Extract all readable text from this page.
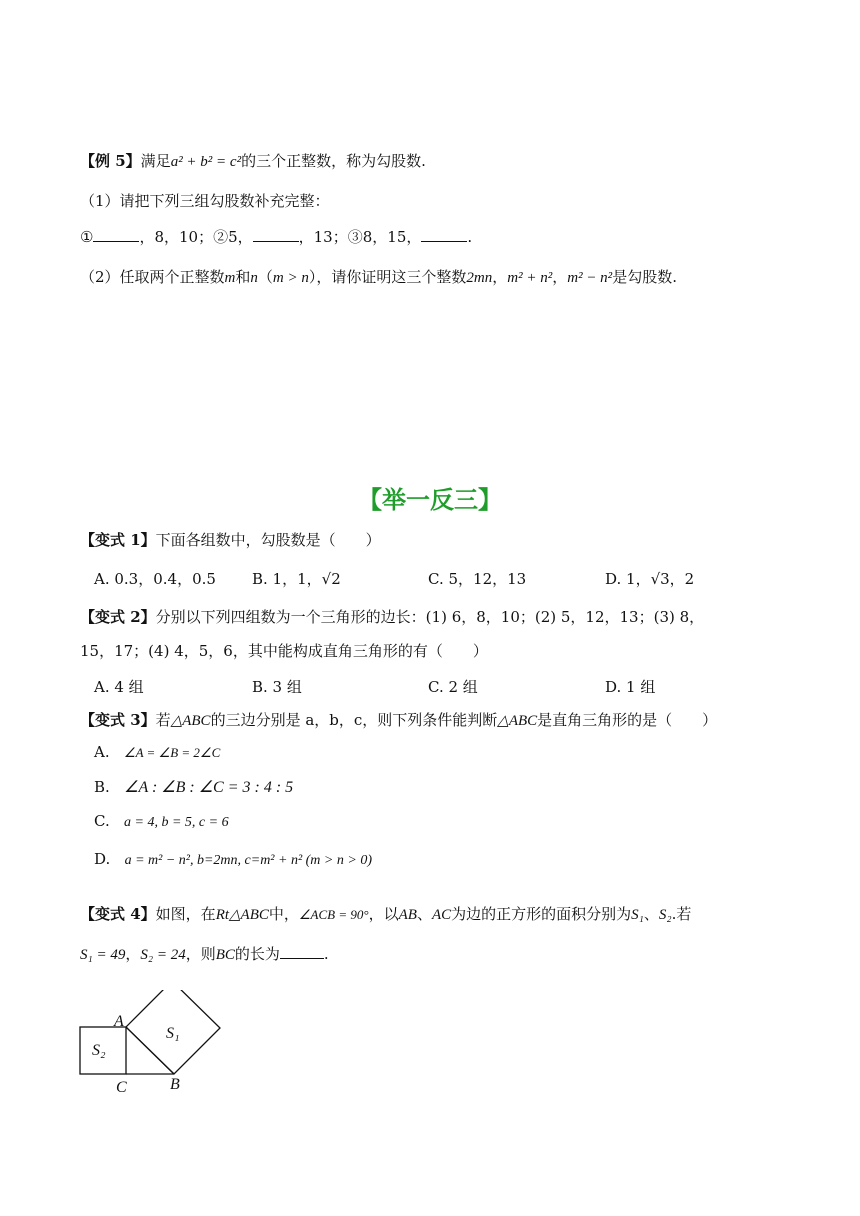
【例 5】满足a² + b² = c²的三个正整数，称为勾股数.
（1）请把下列三组勾股数补充完整：
①	，8，10；②5，	，13；③8，15，	.
（2）任取两个正整数m和n（m > n），请你证明这三个整数2mn，m² + n²，m² − n²是勾股数.
【举一反三】
【变式 1】下面各组数中，勾股数是（　　）
A. 0.3，0.4，0.5 B. 1，1，√2	C. 5，12，13	D. 1，√3，2
【变式 2】分别以下列四组数为一个三角形的边长：(1) 6，8，10；(2) 5，12，13；(3) 8，
15，17；(4) 4，5，6，其中能构成直角三角形的有（　　）
A. 4 组	B. 3 组	C. 2 组	D. 1 组
【变式 3】若△ABC的三边分别是 a，b，c，则下列条件能判断△ABC是直角三角形的是（　　）
A. ∠A = ∠B = 2∠C
B. ∠A : ∠B : ∠C = 3 : 4 : 5
C. a = 4, b = 5, c = 6
D. a = m² − n², b=2mn, c=m² + n² (m > n > 0)
【变式 4】如图，在Rt△ABC中，∠ACB = 90°，以AB、AC为边的正方形的面积分别为S₁、S₂.若
S₁ = 49，S₂ = 24，则BC的长为	.
A
C	B
S₁
S₂
